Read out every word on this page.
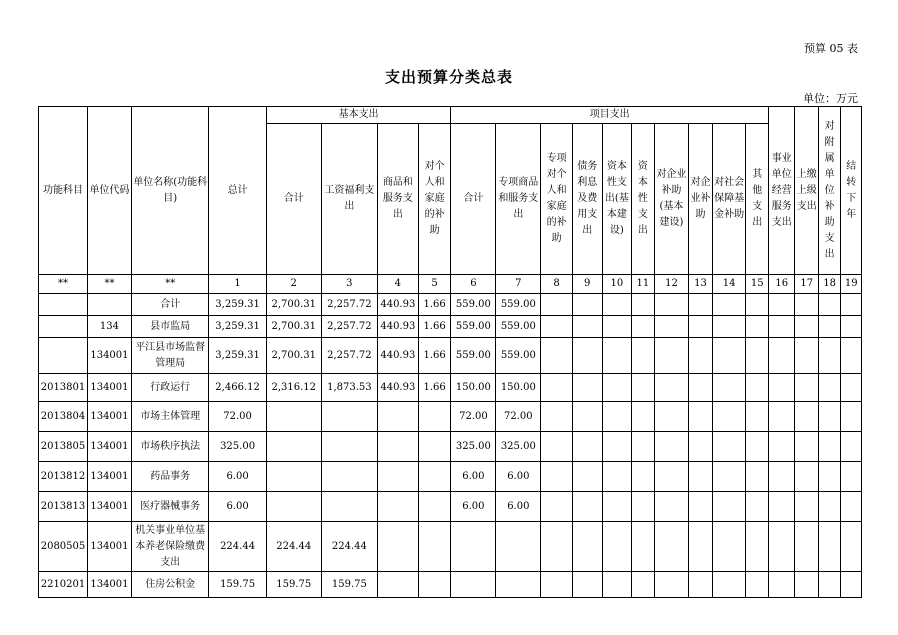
预算 05 表
支出预算分类总表
单位：万元
功能科目	单位代码	单位名称(功能科目)	总计	基本支出				项目支出										事业单位经营服务支出	上缴上级支出	对附属单位补助支出	结转下年
				合计	工资福利支出	商品和服务支出	对个人和家庭的补助	合计	专项商品和服务支出	专项对个人和家庭的补助	债务利息及费用支出	资本性支出(基本建设)	资本性支出	对企业补助(基本建设)	对企业补助	对社会保障基金补助	其他支出				
**	**	**	1	2	3	4	5	6	7	8	9	10	11	12	13	14	15	16	17	18	19
		合计	3,259.31	2,700.31	2,257.72	440.93	1.66	559.00	559.00												
	134	县市监局	3,259.31	2,700.31	2,257.72	440.93	1.66	559.00	559.00												
	134001	平江县市场监督管理局	3,259.31	2,700.31	2,257.72	440.93	1.66	559.00	559.00												
2013801	134001	行政运行	2,466.12	2,316.12	1,873.53	440.93	1.66	150.00	150.00												
2013804	134001	市场主体管理	72.00					72.00	72.00												
2013805	134001	市场秩序执法	325.00					325.00	325.00												
2013812	134001	药品事务	6.00					6.00	6.00												
2013813	134001	医疗器械事务	6.00					6.00	6.00												
2080505	134001	机关事业单位基本养老保险缴费支出	224.44	224.44	224.44																
2210201	134001	住房公积金	159.75	159.75	159.75																
